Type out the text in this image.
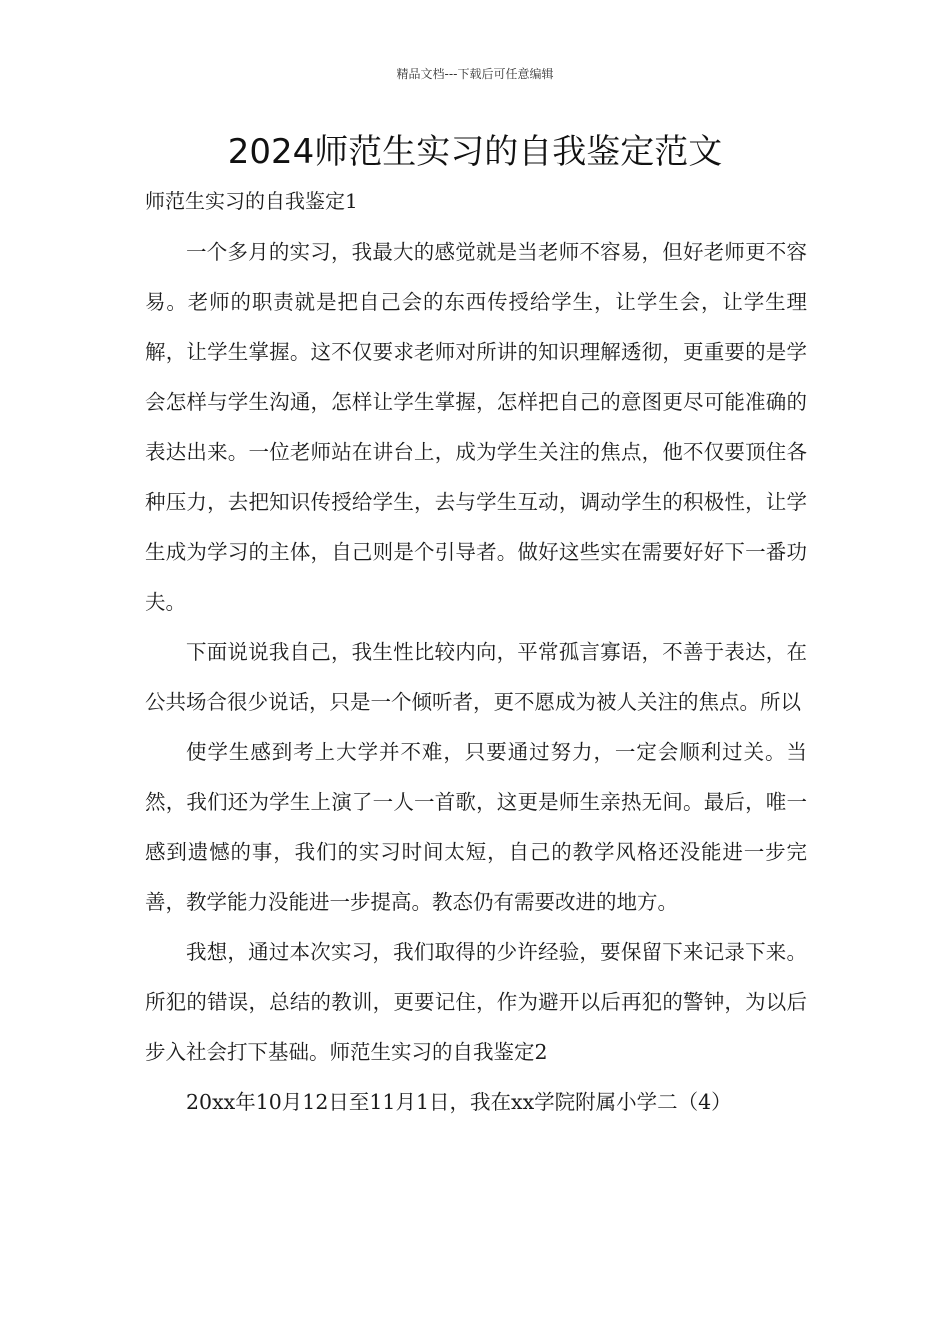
精品文档---下载后可任意编辑
2024师范生实习的自我鉴定范文

师范生实习的自我鉴定1

一个多月的实习，我最大的感觉就是当老师不容易，但好老师更不容易。老师的职责就是把自己会的东西传授给学生，让学生会，让学生理解，让学生掌握。这不仅要求老师对所讲的知识理解透彻，更重要的是学会怎样与学生沟通，怎样让学生掌握，怎样把自己的意图更尽可能准确的表达出来。一位老师站在讲台上，成为学生关注的焦点，他不仅要顶住各种压力，去把知识传授给学生，去与学生互动，调动学生的积极性，让学生成为学习的主体，自己则是个引导者。做好这些实在需要好好下一番功夫。

下面说说我自己，我生性比较内向，平常孤言寡语，不善于表达，在公共场合很少说话，只是一个倾听者，更不愿成为被人关注的焦点。所以

使学生感到考上大学并不难，只要通过努力，一定会顺利过关。当然，我们还为学生上演了一人一首歌，这更是师生亲热无间。最后，唯一感到遗憾的事，我们的实习时间太短，自己的教学风格还没能进一步完善，教学能力没能进一步提高。教态仍有需要改进的地方。

我想，通过本次实习，我们取得的少许经验，要保留下来记录下来。所犯的错误，总结的教训，更要记住，作为避开以后再犯的警钟，为以后步入社会打下基础。师范生实习的自我鉴定2

20xx年10月12日至11月1日，我在xx学院附属小学二（4）
